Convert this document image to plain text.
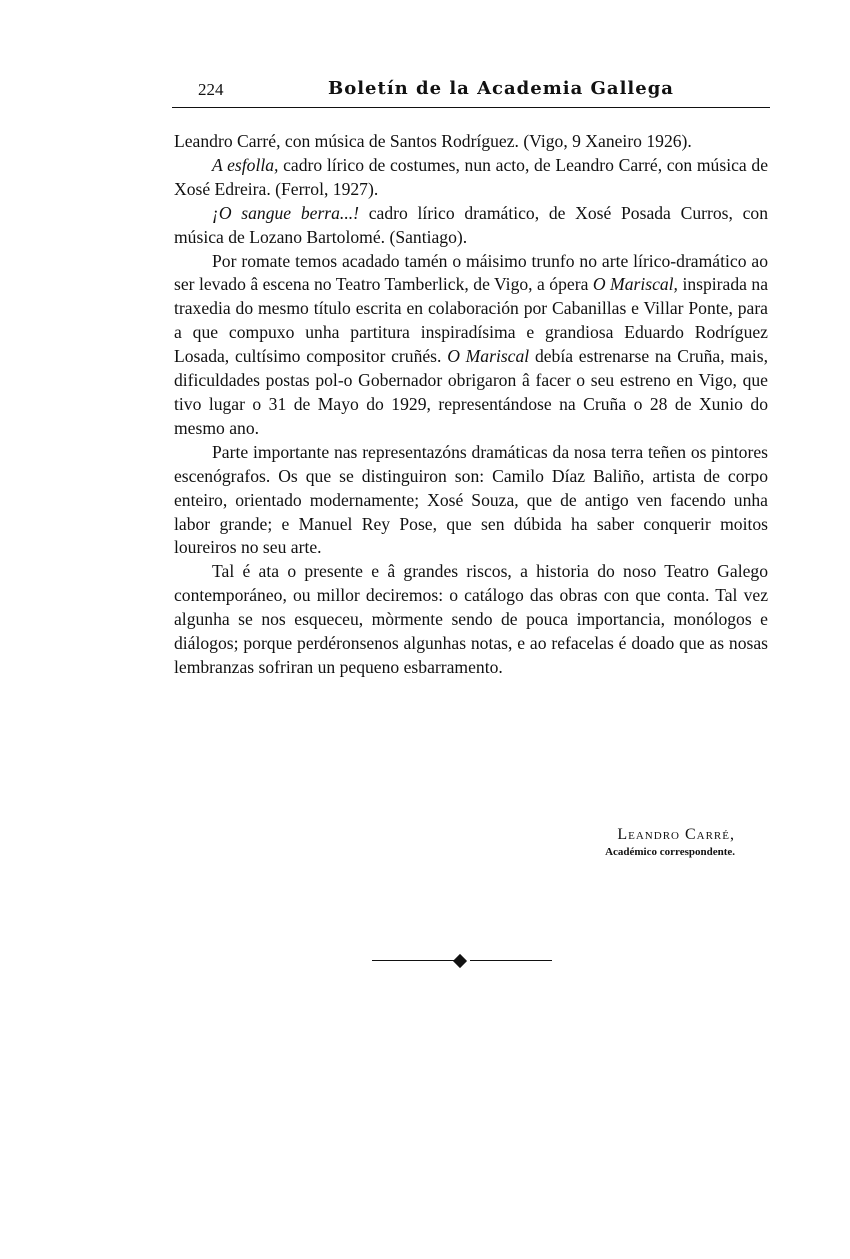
224	Boletín de la Academia Gallega

Leandro Carré, con música de Santos Rodríguez. (Vigo, 9 Xaneiro 1926).

A esfolla, cadro lírico de costumes, nun acto, de Leandro Carré, con música de Xosé Edreira. (Ferrol, 1927).

¡O sangue berra...! cadro lírico dramático, de Xosé Posada Curros, con música de Lozano Bartolomé. (Santiago).

Por romate temos acadado tamén o máisimo trunfo no arte lírico-dramático ao ser levado â escena no Teatro Tamberlick, de Vigo, a ópera O Mariscal, inspirada na traxedia do mesmo título escrita en colaboración por Cabanillas e Villar Ponte, para a que compuxo unha partitura inspiradísima e grandiosa Eduardo Rodríguez Losada, cultísimo compositor cruñés. O Mariscal debía estrenarse na Cruña, mais, dificuldades postas pol-o Gobernador obrigaron â facer o seu estreno en Vigo, que tivo lugar o 31 de Mayo do 1929, representándose na Cruña o 28 de Xunio do mesmo ano.

Parte importante nas representazóns dramáticas da nosa terra teñen os pintores escenógrafos. Os que se distinguiron son: Camilo Díaz Baliño, artista de corpo enteiro, orientado modernamente; Xosé Souza, que de antigo ven facendo unha labor grande; e Manuel Rey Pose, que sen dúbida ha saber conquerir moitos loureiros no seu arte.

Tal é ata o presente e â grandes riscos, a historia do noso Teatro Galego contemporáneo, ou millor deciremos: o catálogo das obras con que conta. Tal vez algunha se nos esqueceu, mòrmente sendo de pouca importancia, monólogos e diálogos; porque perdéronsenos algunhas notas, e ao refacelas é doado que as nosas lembranzas sofriran un pequeno esbarramento.

Leandro Carré,
Académico correspondente.
